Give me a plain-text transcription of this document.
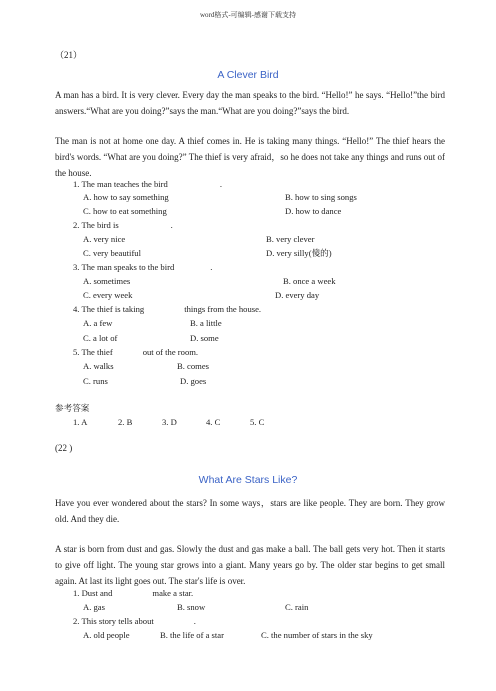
word格式-可编辑-感谢下载支持
（21）
A Clever Bird
A man has a bird. It is very clever. Every day the man speaks to the bird. “Hello!” he says. “Hello!”the bird answers.“What are you doing?”says the man.“What are you doing?”says the bird.
The man is not at home one day. A thief comes in. He is taking many things. “Hello!” The thief hears the bird's words. “What are you doing?” The thief is very afraid，so he does not take any things and runs out of the house.
1. The man teaches the bird	.
A. how to say something	B. how to sing songs
C. how to eat something	D. how to dance
2. The bird is	.
A. very nice	B. very clever
C. very beautiful	D. very silly(傻的)
3. The man speaks to the bird	.
A. sometimes	B. once a week
C. every week	D. every day
4. The thief is taking	things from the house.
A. a few	B. a little
C. a lot of	D. some
5. The thief	out of the room.
A. walks	B. comes
C. runs	D. goes
参考答案
1. A	2. B	3. D	4. C	5. C
(22 )
What Are Stars Like?
Have you ever wondered about the stars? In some ways，stars are like people. They are born. They grow old. And they die.
A star is born from dust and gas. Slowly the dust and gas make a ball. The ball gets very hot. Then it starts to give off light. The young star grows into a giant. Many years go by. The older star begins to get small again. At last its light goes out. The star's life is over.
1. Dust and	make a star.
A. gas	B. snow	C. rain
2. This story tells about	.
A. old people	B. the life of a star	C. the number of stars in the sky
